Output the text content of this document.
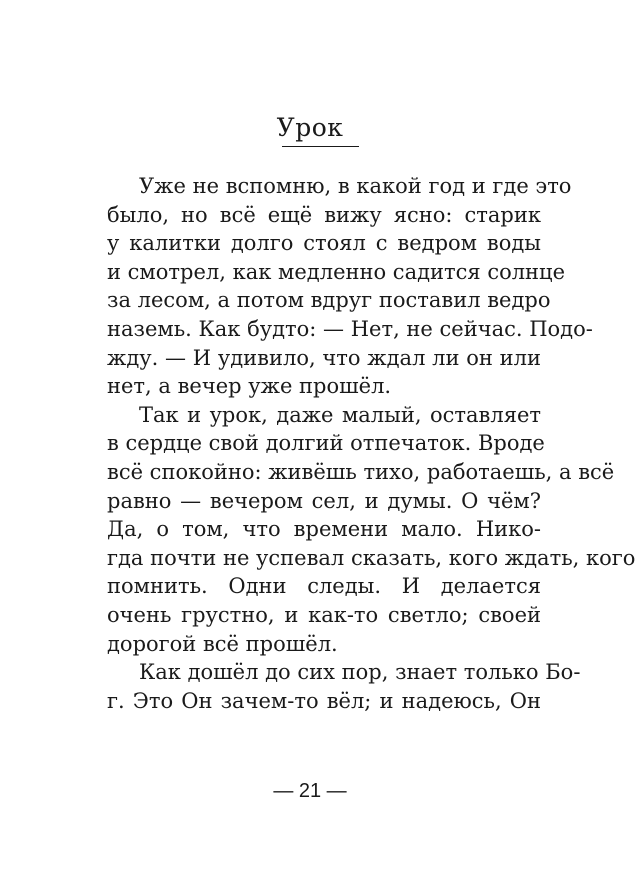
Урок
Уже не вспомню, в какой год и где это
было, но всё ещё вижу ясно: старик
у калитки долго стоял с ведром воды
и смотрел, как медленно садится солнце
за лесом, а потом вдруг поставил ведро
наземь. Как будто: — Нет, не сейчас. Подо-
жду. — И удивило, что ждал ли он или
нет, а вечер уже прошёл.
Так и урок, даже малый, оставляет
в сердце свой долгий отпечаток. Вроде
всё спокойно: живёшь тихо, работаешь, а всё
равно — вечером сел, и думы. О чём?
Да, о том, что времени мало. Нико-
гда почти не успевал сказать, кого ждать, кого
помнить. Одни следы. И делается
очень грустно, и как-то светло; своей
дорогой всё прошёл.
Как дошёл до сих пор, знает только Бо-
г. Это Он зачем-то вёл; и надеюсь, Он
— 21 —
